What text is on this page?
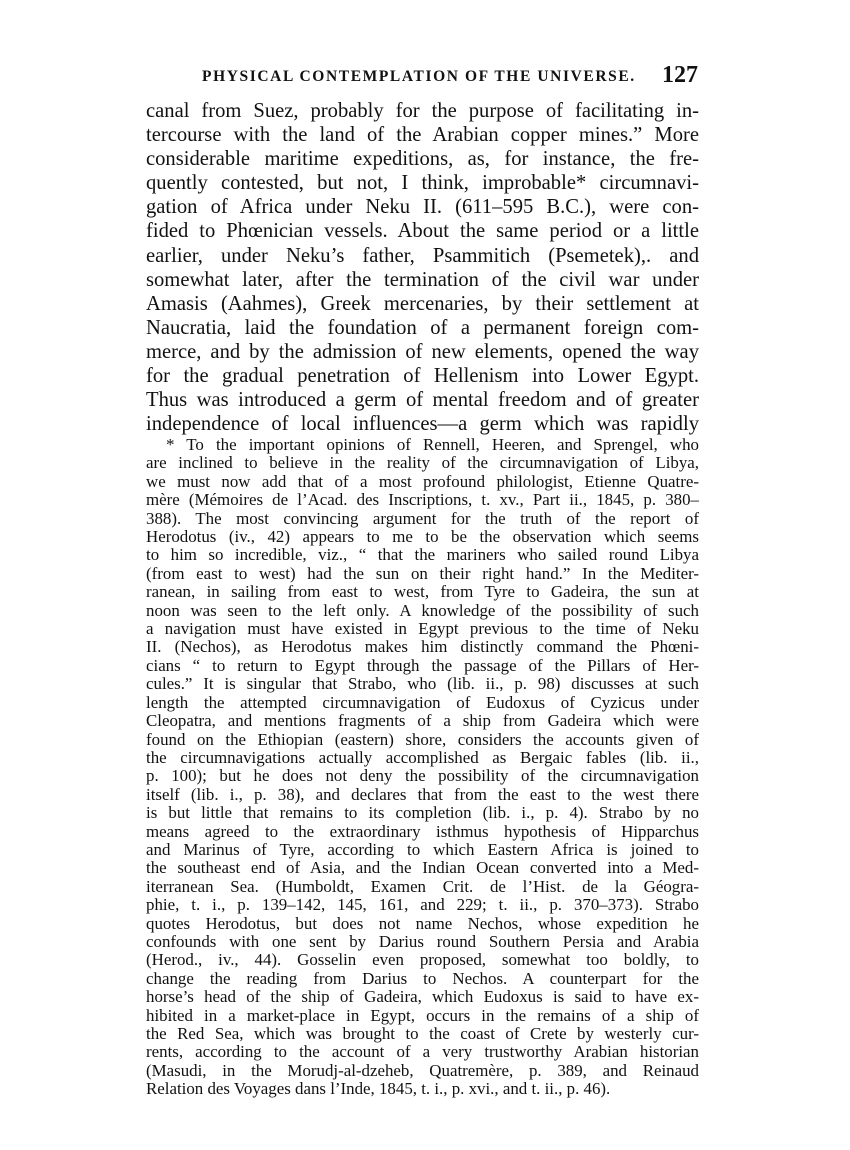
PHYSICAL CONTEMPLATION OF THE UNIVERSE. 127
canal from Suez, probably for the purpose of facilitating in-
tercourse with the land of the Arabian copper mines.” More
considerable maritime expeditions, as, for instance, the fre-
quently contested, but not, I think, improbable* circumnavi-
gation of Africa under Neku II. (611–595 B.C.), were con-
fided to Phœnician vessels. About the same period or a little
earlier, under Neku’s father, Psammitich (Psemetek),. and
somewhat later, after the termination of the civil war under
Amasis (Aahmes), Greek mercenaries, by their settlement at
Naucratia, laid the foundation of a permanent foreign com-
merce, and by the admission of new elements, opened the way
for the gradual penetration of Hellenism into Lower Egypt.
Thus was introduced a germ of mental freedom and of greater
independence of local influences—a germ which was rapidly
* To the important opinions of Rennell, Heeren, and Sprengel, who
are inclined to believe in the reality of the circumnavigation of Libya,
we must now add that of a most profound philologist, Etienne Quatre-
mère (Mémoires de l’Acad. des Inscriptions, t. xv., Part ii., 1845, p. 380–
388). The most convincing argument for the truth of the report of
Herodotus (iv., 42) appears to me to be the observation which seems
to him so incredible, viz., “ that the mariners who sailed round Libya
(from east to west) had the sun on their right hand.” In the Mediter-
ranean, in sailing from east to west, from Tyre to Gadeira, the sun at
noon was seen to the left only. A knowledge of the possibility of such
a navigation must have existed in Egypt previous to the time of Neku
II. (Nechos), as Herodotus makes him distinctly command the Phœni-
cians “ to return to Egypt through the passage of the Pillars of Her-
cules.” It is singular that Strabo, who (lib. ii., p. 98) discusses at such
length the attempted circumnavigation of Eudoxus of Cyzicus under
Cleopatra, and mentions fragments of a ship from Gadeira which were
found on the Ethiopian (eastern) shore, considers the accounts given of
the circumnavigations actually accomplished as Bergaic fables (lib. ii.,
p. 100); but he does not deny the possibility of the circumnavigation
itself (lib. i., p. 38), and declares that from the east to the west there
is but little that remains to its completion (lib. i., p. 4). Strabo by no
means agreed to the extraordinary isthmus hypothesis of Hipparchus
and Marinus of Tyre, according to which Eastern Africa is joined to
the southeast end of Asia, and the Indian Ocean converted into a Med-
iterranean Sea. (Humboldt, Examen Crit. de l’Hist. de la Géogra-
phie, t. i., p. 139–142, 145, 161, and 229; t. ii., p. 370–373). Strabo
quotes Herodotus, but does not name Nechos, whose expedition he
confounds with one sent by Darius round Southern Persia and Arabia
(Herod., iv., 44). Gosselin even proposed, somewhat too boldly, to
change the reading from Darius to Nechos. A counterpart for the
horse’s head of the ship of Gadeira, which Eudoxus is said to have ex-
hibited in a market-place in Egypt, occurs in the remains of a ship of
the Red Sea, which was brought to the coast of Crete by westerly cur-
rents, according to the account of a very trustworthy Arabian historian
(Masudi, in the Morudj-al-dzeheb, Quatremère, p. 389, and Reinaud
Relation des Voyages dans l’Inde, 1845, t. i., p. xvi., and t. ii., p. 46).
